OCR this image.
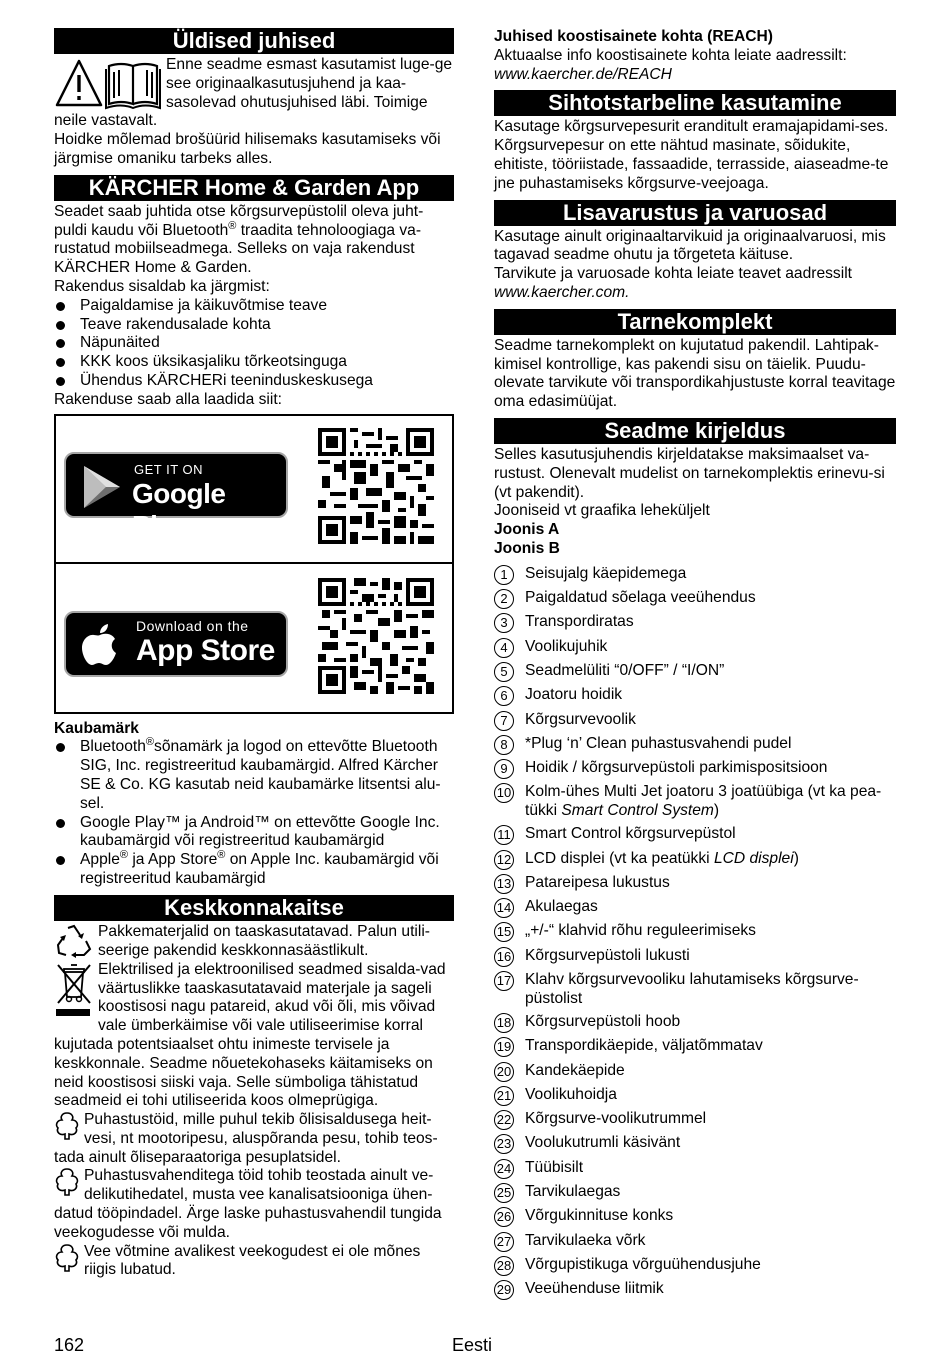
Üldised juhised

Enne seadme esmast kasutamist luge-ge see originaalkasutusjuhend ja kaa-sasolevad ohutusjuhised läbi. Toimige neile vastavalt.

Hoidke mõlemad brošüürid hilisemaks kasutamiseks või järgmise omaniku tarbeks alles.

KÄRCHER Home & Garden App

Seadet saab juhtida otse kõrgsurvepüstolil oleva juht-puldi kaudu või Bluetooth® traadita tehnoloogiaga va-rustatud mobiilseadmega. Selleks on vaja rakendust KÄRCHER Home & Garden.

Rakendus sisaldab ka järgmist:

Paigaldamise ja käikuvõtmise teave
Teave rakendusalade kohta
Näpunäited
KKK koos üksikasjaliku tõrkeotsinguga
Ühendus KÄRCHERi teeninduskeskusega

Rakenduse saab alla laadida siit:

GET IT ON
Google Play
Download on the
App Store

Kaubamärk

Bluetooth®sõnamärk ja logod on ettevõtte Bluetooth SIG, Inc. registreeritud kaubamärgid. Alfred Kärcher SE & Co. KG kasutab neid kaubamärke litsentsi alu-sel.
Google Play™ ja Android™ on ettevõtte Google Inc. kaubamärgid või registreeritud kaubamärgid
Apple® ja App Store® on Apple Inc. kaubamärgid või registreeritud kaubamärgid
Keskkonnakaitse

Pakkematerjalid on taaskasutatavad. Palun utili-seerige pakendid keskkonnasäästlikult.

Elektrilised ja elektroonilised seadmed sisalda-vad väärtuslikke taaskasutatavaid materjale ja sageli koostisosi nagu patareid, akud või õli, mis võivad vale ümberkäimise või vale utiliseerimise korral kujutada potentsiaalset ohtu inimeste tervisele ja keskkonnale. Seadme nõuetekohaseks käitamiseks on neid koostisosi siiski vaja. Selle sümboliga tähistatud seadmeid ei tohi utiliseerida koos olmeprügiga.

Puhastustöid, mille puhul tekib õlisisaldusega heit-vesi, nt mootoripesu, aluspõranda pesu, tohib teos-tada ainult õliseparaatoriga pesuplatsidel.

Puhastusvahenditega töid tohib teostada ainult ve-delikutihedatel, musta vee kanalisatsiooniga ühen-datud tööpindadel. Ärge laske puhastusvahendil tungida veekogudesse või mulda.

Vee võtmine avalikest veekogudest ei ole mõnes riigis lubatud.

Juhised koostisainete kohta (REACH)

Aktuaalse info koostisainete kohta leiate aadressilt:

www.kaercher.de/REACH

Sihtotstarbeline kasutamine

Kasutage kõrgsurvepesurit eranditult eramajapidami-ses.

Kõrgsurvepesur on ette nähtud masinate, sõidukite, ehitiste, tööriistade, fassaadide, terrasside, aiaseadme-te jne puhastamiseks kõrgsurve-veejoaga.

Lisavarustus ja varuosad

Kasutage ainult originaaltarvikuid ja originaalvaruosi, mis tagavad seadme ohutu ja tõrgeteta käituse.

Tarvikute ja varuosade kohta leiate teavet aadressilt

www.kaercher.com.

Tarnekomplekt

Seadme tarnekomplekt on kujutatud pakendil. Lahtipak-kimisel kontrollige, kas pakendi sisu on täielik. Puudu-olevate tarvikute või transpordikahjustuste korral teavitage oma edasimüüjat.

Seadme kirjeldus

Selles kasutusjuhendis kirjeldatakse maksimaalset va-rustust. Olenevalt mudelist on tarnekomplektis erinevu-si (vt pakendit).

Jooniseid vt graafika leheküljelt

Joonis A

Joonis B

1	Seisujalg käepidemega
2	Paigaldatud sõelaga veeühendus
3	Transpordiratas
4	Voolikujuhik
5	Seadmelüliti “0/OFF” / “I/ON”
6	Joatoru hoidik
7	Kõrgsurvevoolik
8	*Plug ‘n’ Clean puhastusvahendi pudel
9	Hoidik / kõrgsurvepüstoli parkimispositsioon
10 Kolm-ühes Multi Jet joatoru 3 joatüübiga (vt ka pea-tükki Smart Control System)
11 Smart Control kõrgsurvepüstol
12 LCD displei (vt ka peatükki LCD displei)
13 Patareipesa lukustus
14 Akulaegas
15 „+/-“ klahvid rõhu reguleerimiseks
16 Kõrgsurvepüstoli lukusti
17 Klahv kõrgsurvevooliku lahutamiseks kõrgsurve-püstolist
18 Kõrgsurvepüstoli hoob
19 Transpordikäepide, väljatõmmatav
20 Kandekäepide
21 Voolikuhoidja
22 Kõrgsurve-voolikutrummel
23 Voolukutrumli käsivänt
24 Tüübisilt
25 Tarvikulaegas
26 Võrgukinnituse konks
27 Tarvikulaeka võrk
28 Võrgupistikuga võrguühendusjuhe
29 Veeühenduse liitmik
162	Eesti
